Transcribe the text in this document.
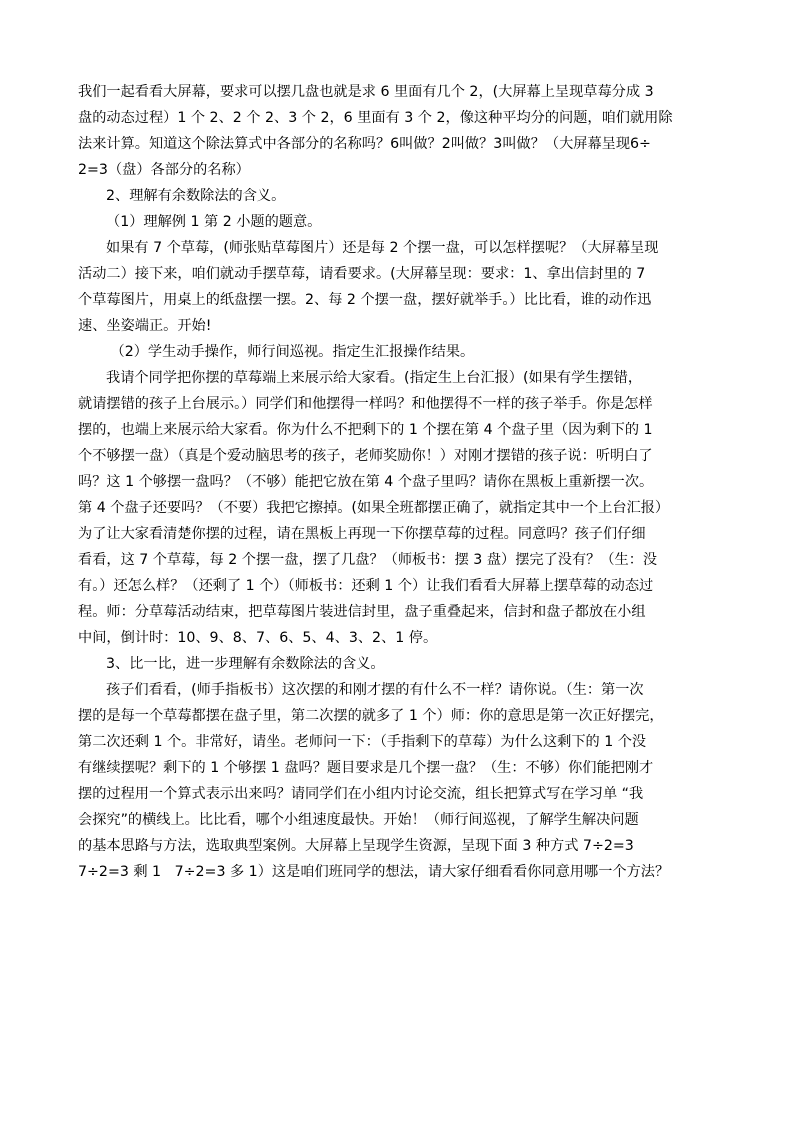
我们一起看看大屏幕，要求可以摆几盘也就是求 6 里面有几个 2，(大屏幕上呈现草莓分成 3
盘的动态过程）1 个 2、2 个 2、3 个 2，6 里面有 3 个 2，像这种平均分的问题，咱们就用除
法来计算。知道这个除法算式中各部分的名称吗？6叫做？2叫做？3叫做？（大屏幕呈现6÷
2=3（盘）各部分的名称）
2、理解有余数除法的含义。
（1）理解例 1 第 2 小题的题意。
如果有 7 个草莓，(师张贴草莓图片）还是每 2 个摆一盘，可以怎样摆呢？（大屏幕呈现
活动二）接下来，咱们就动手摆草莓，请看要求。(大屏幕呈现：要求：1、拿出信封里的 7
个草莓图片，用桌上的纸盘摆一摆。2、每 2 个摆一盘，摆好就举手。）比比看，谁的动作迅
速、坐姿端正。开始!
（2）学生动手操作，师行间巡视。指定生汇报操作结果。
我请个同学把你摆的草莓端上来展示给大家看。(指定生上台汇报）(如果有学生摆错，
就请摆错的孩子上台展示。）同学们和他摆得一样吗？和他摆得不一样的孩子举手。你是怎样
摆的，也端上来展示给大家看。你为什么不把剩下的 1 个摆在第 4 个盘子里（因为剩下的 1
个不够摆一盘）（真是个爱动脑思考的孩子，老师奖励你！）对刚才摆错的孩子说：听明白了
吗？这 1 个够摆一盘吗？（不够）能把它放在第 4 个盘子里吗？请你在黑板上重新摆一次。
第 4 个盘子还要吗？（不要）我把它擦掉。(如果全班都摆正确了，就指定其中一个上台汇报）
为了让大家看清楚你摆的过程，请在黑板上再现一下你摆草莓的过程。同意吗？孩子们仔细
看看，这 7 个草莓，每 2 个摆一盘，摆了几盘？（师板书：摆 3 盘）摆完了没有？（生：没
有。）还怎么样？（还剩了 1 个）（师板书：还剩 1 个）让我们看看大屏幕上摆草莓的动态过
程。师：分草莓活动结束，把草莓图片装进信封里，盘子重叠起来，信封和盘子都放在小组
中间，倒计时：10、9、8、7、6、5、4、3、2、1 停。
3、比一比，进一步理解有余数除法的含义。
孩子们看看，(师手指板书）这次摆的和刚才摆的有什么不一样？请你说。（生：第一次
摆的是每一个草莓都摆在盘子里，第二次摆的就多了 1 个）师：你的意思是第一次正好摆完，
第二次还剩 1 个。非常好，请坐。老师问一下：（手指剩下的草莓）为什么这剩下的 1 个没
有继续摆呢？剩下的 1 个够摆 1 盘吗？题目要求是几个摆一盘？（生：不够）你们能把刚才
摆的过程用一个算式表示出来吗？请同学们在小组内讨论交流，组长把算式写在学习单 “我
会探究”的横线上。比比看，哪个小组速度最快。开始！（师行间巡视，了解学生解决问题
的基本思路与方法，选取典型案例。大屏幕上呈现学生资源，呈现下面 3 种方式 7÷2=3
7÷2=3 剩 1   7÷2=3 多 1）这是咱们班同学的想法，请大家仔细看看你同意用哪一个方法？
